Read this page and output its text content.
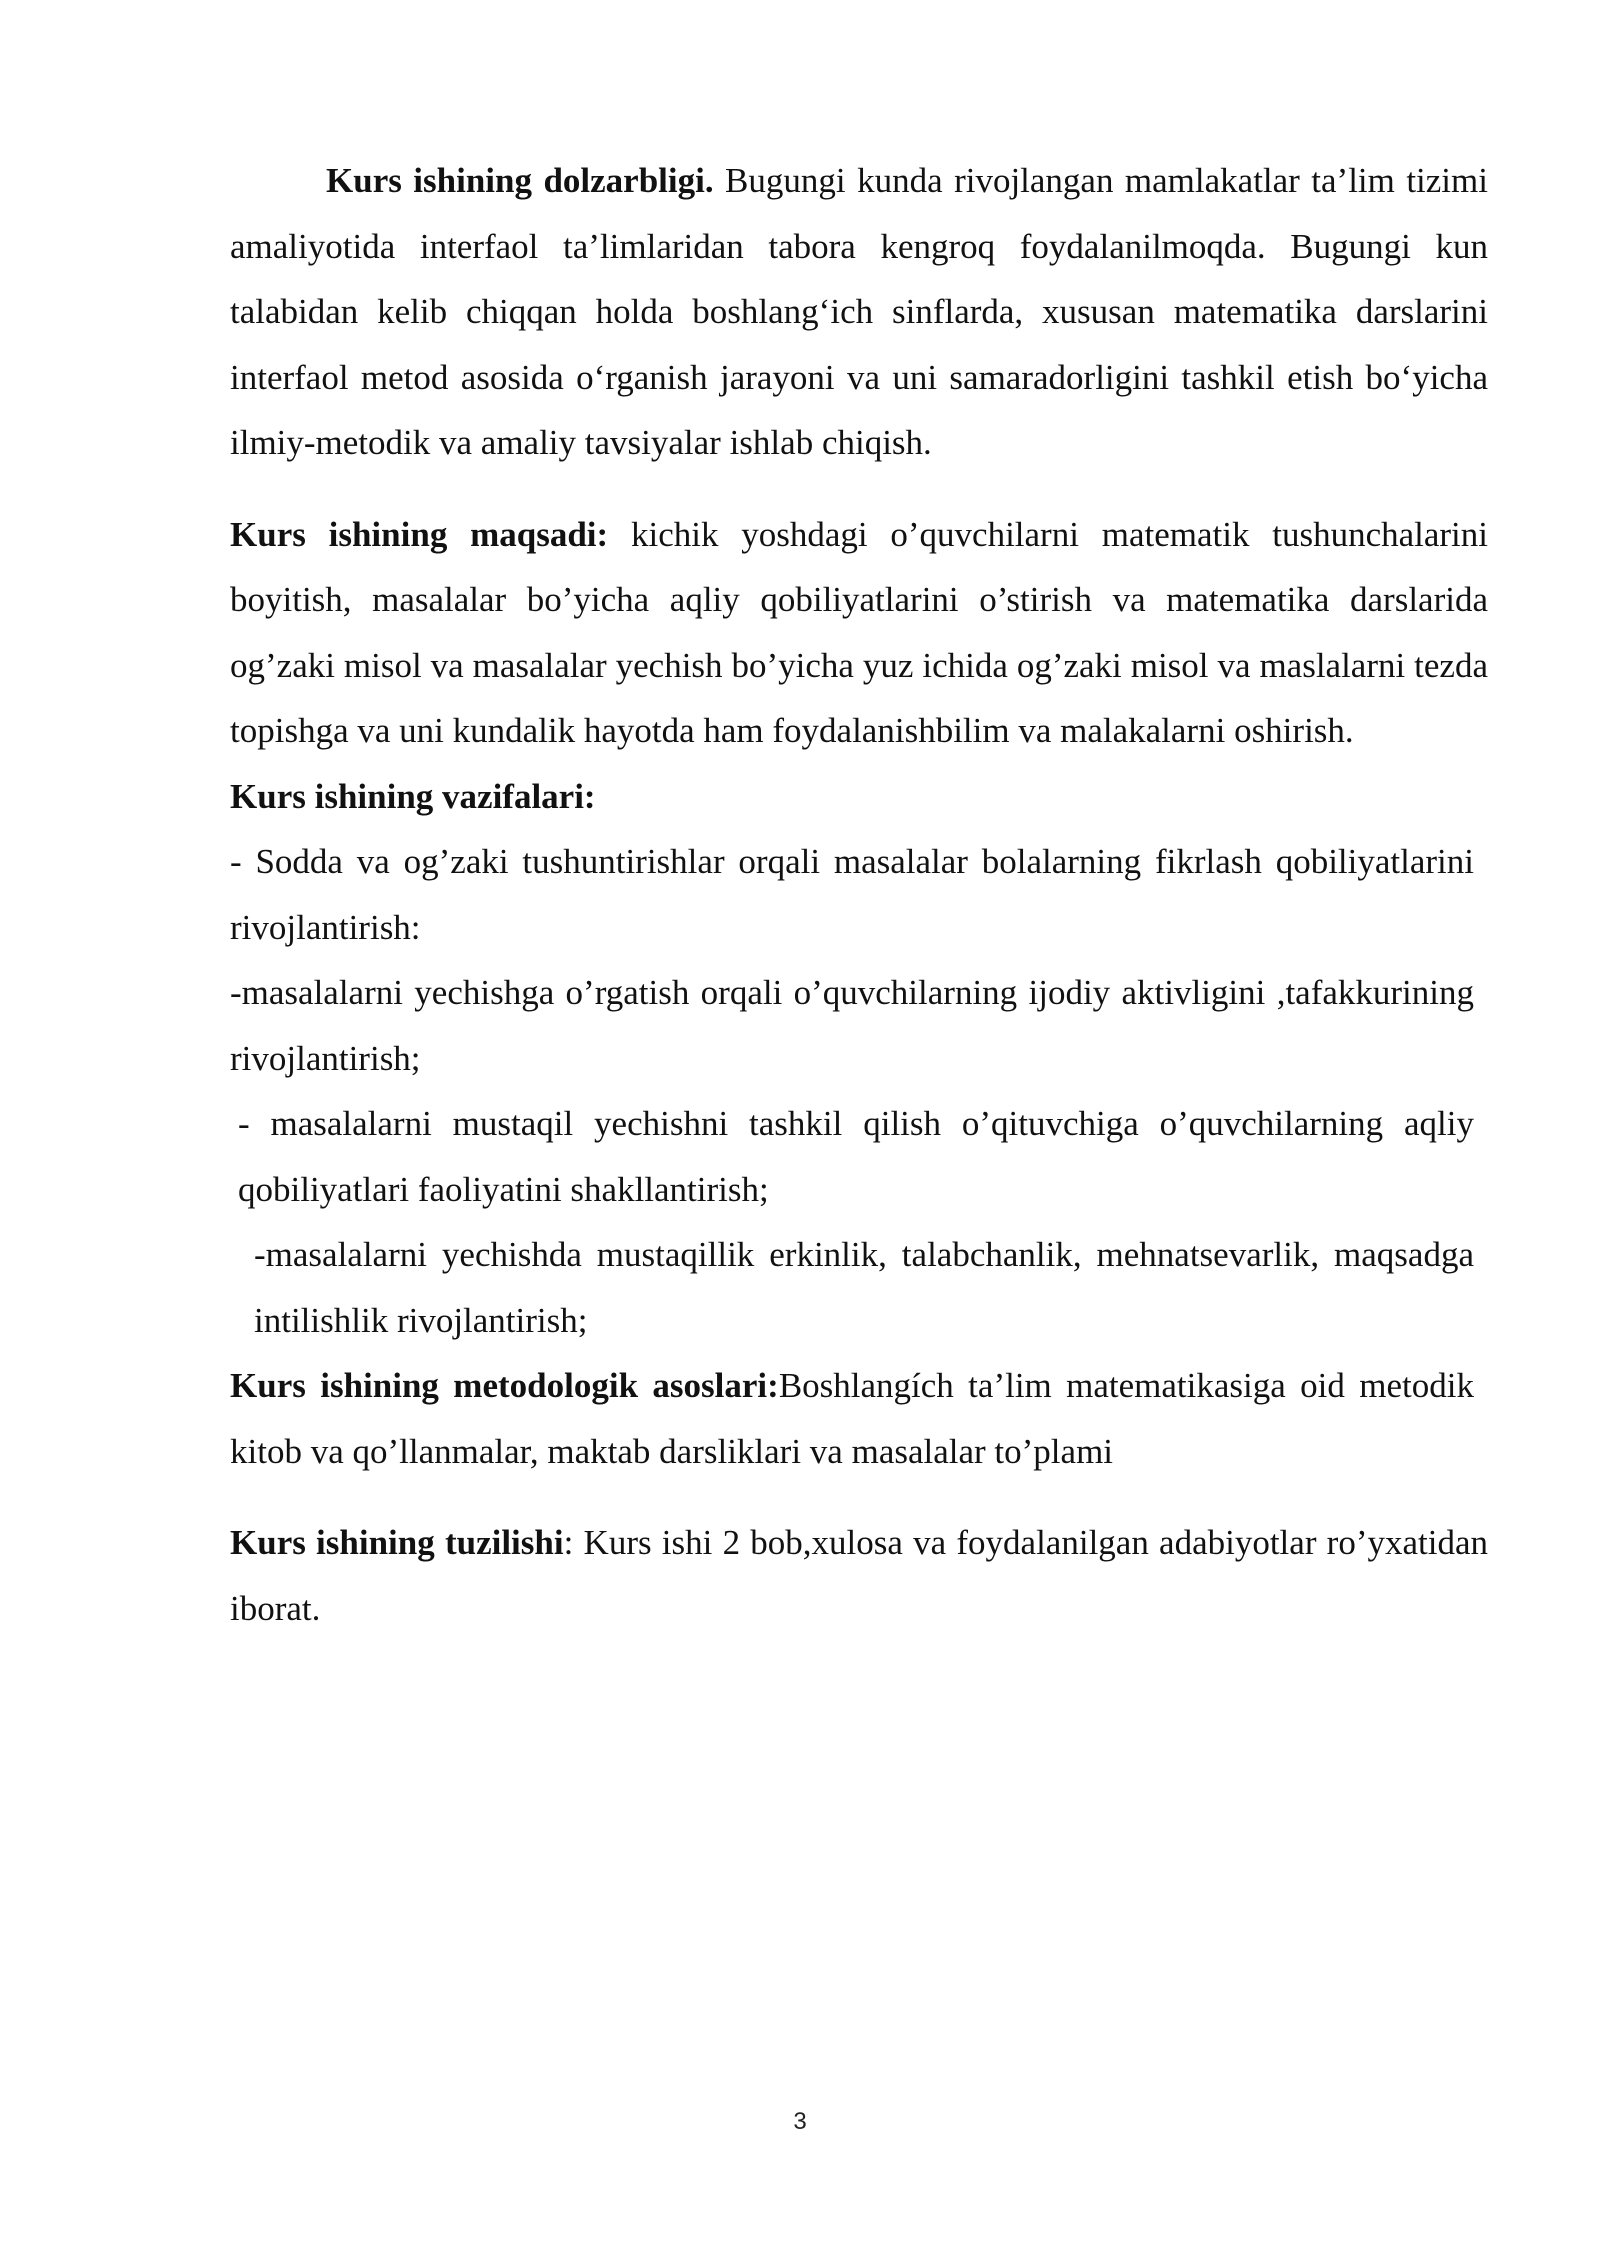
Kurs ishining dolzarbligi. Bugungi kunda rivojlangan mamlakatlar ta’lim tizimi amaliyotida interfaol ta’limlaridan tabora kengroq foydalanilmoqda. Bugungi kun talabidan kelib chiqqan holda boshlang‘ich sinflarda, xususan matematika darslarini interfaol metod asosida o‘rganish jarayoni va uni samaradorligini tashkil etish bo‘yicha ilmiy-metodik va amaliy tavsiyalar ishlab chiqish.

Kurs ishining maqsadi: kichik yoshdagi o’quvchilarni matematik tushunchalarini boyitish, masalalar bo’yicha aqliy qobiliyatlarini o’stirish va matematika darslarida og’zaki misol va masalalar yechish bo’yicha yuz ichida og’zaki misol va maslalarni tezda topishga va uni kundalik hayotda ham foydalanishbilim va malakalarni oshirish.

Kurs ishining vazifalari:

- Sodda va og’zaki tushuntirishlar orqali masalalar bolalarning fikrlash qobiliyatlarini rivojlantirish:

-masalalarni yechishga o’rgatish orqali o’quvchilarning ijodiy aktivligini ,tafakkurining rivojlantirish;

- masalalarni mustaqil yechishni tashkil qilish o’qituvchiga o’quvchilarning aqliy qobiliyatlari faoliyatini shakllantirish;

-masalalarni yechishda mustaqillik erkinlik, talabchanlik, mehnatsevarlik, maqsadga intilishlik rivojlantirish;

Kurs ishining metodologik asoslari:Boshlangích ta’lim matematikasiga oid metodik kitob va qo’llanmalar, maktab darsliklari va masalalar to’plami

Kurs ishining tuzilishi: Kurs ishi 2 bob,xulosa va foydalanilgan adabiyotlar ro’yxatidan iborat.

3
